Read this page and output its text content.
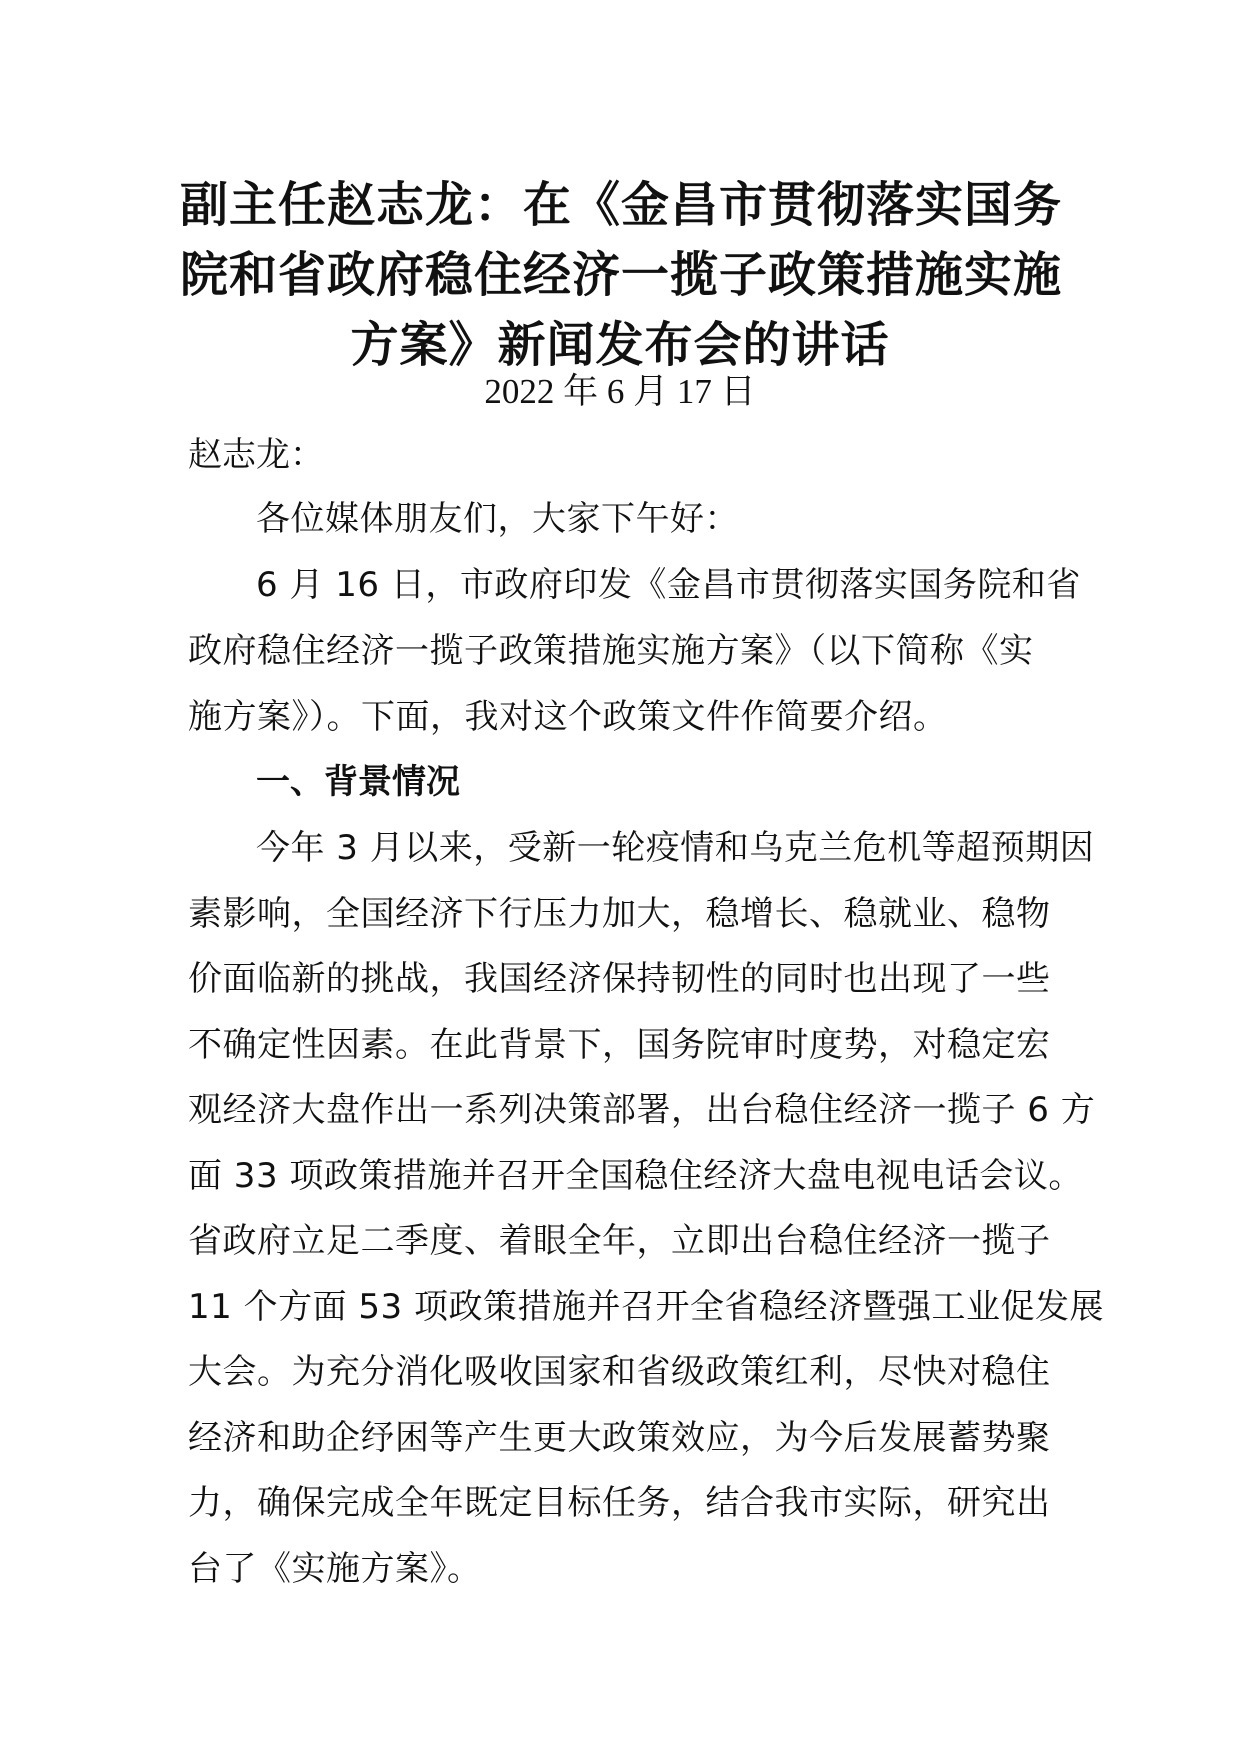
副主任赵志龙：在《金昌市贯彻落实国务
院和省政府稳住经济一揽子政策措施实施
方案》新闻发布会的讲话
2022 年 6 月 17 日
赵志龙：
各位媒体朋友们，大家下午好：
6 月 16 日，市政府印发《金昌市贯彻落实国务院和省
政府稳住经济一揽子政策措施实施方案》（以下简称《实
施方案》）。下面，我对这个政策文件作简要介绍。
一、背景情况
今年 3 月以来，受新一轮疫情和乌克兰危机等超预期因
素影响，全国经济下行压力加大，稳增长、稳就业、稳物
价面临新的挑战，我国经济保持韧性的同时也出现了一些
不确定性因素。在此背景下，国务院审时度势，对稳定宏
观经济大盘作出一系列决策部署，出台稳住经济一揽子 6 方
面 33 项政策措施并召开全国稳住经济大盘电视电话会议。
省政府立足二季度、着眼全年，立即出台稳住经济一揽子
11 个方面 53 项政策措施并召开全省稳经济暨强工业促发展
大会。为充分消化吸收国家和省级政策红利，尽快对稳住
经济和助企纾困等产生更大政策效应，为今后发展蓄势聚
力，确保完成全年既定目标任务，结合我市实际，研究出
台了《实施方案》。
